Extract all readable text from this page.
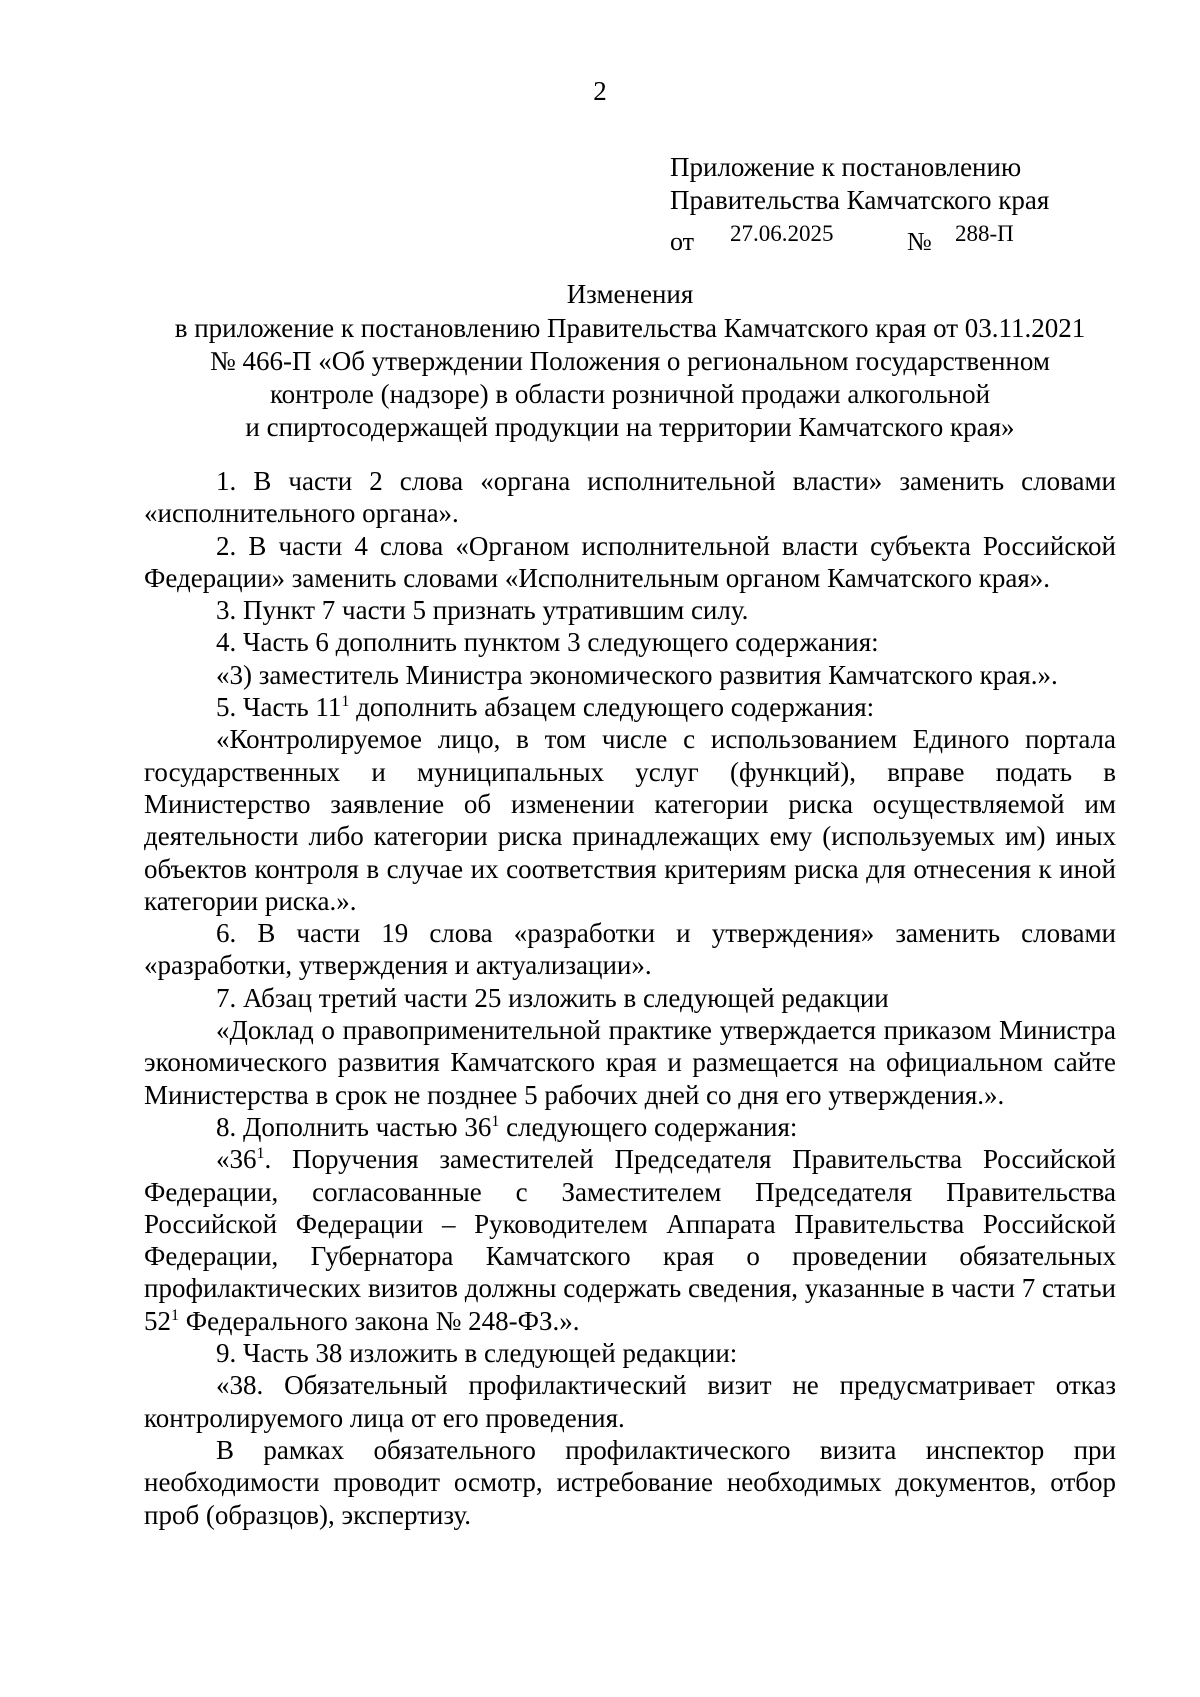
2
Приложение к постановлению
Правительства Камчатского края
от 27.06.2025	№ 288-П
Изменения
в приложение к постановлению Правительства Камчатского края от 03.11.2021
№ 466-П «Об утверждении Положения о региональном государственном
контроле (надзоре) в области розничной продажи алкогольной
и спиртосодержащей продукции на территории Камчатского края»

1. В части 2 слова «органа исполнительной власти» заменить словами «исполнительного органа».

2. В части 4 слова «Органом исполнительной власти субъекта Российской Федерации» заменить словами «Исполнительным органом Камчатского края».

3. Пункт 7 части 5 признать утратившим силу.

4. Часть 6 дополнить пунктом 3 следующего содержания:

«3) заместитель Министра экономического развития Камчатского края.».

5. Часть $11^1$ дополнить абзацем следующего содержания:

«Контролируемое лицо, в том числе с использованием Единого портала государственных и муниципальных услуг (функций), вправе подать в Министерство заявление об изменении категории риска осуществляемой им деятельности либо категории риска принадлежащих ему (используемых им) иных объектов контроля в случае их соответствия критериям риска для отнесения к иной категории риска.».

6. В части 19 слова «разработки и утверждения» заменить словами «разработки, утверждения и актуализации».

7. Абзац третий части 25 изложить в следующей редакции

«Доклад о правоприменительной практике утверждается приказом Министра экономического развития Камчатского края и размещается на официальном сайте Министерства в срок не позднее 5 рабочих дней со дня его утверждения.».

8. Дополнить частью $36^1$ следующего содержания:

«$36^1$. Поручения заместителей Председателя Правительства Российской Федерации, согласованные с Заместителем Председателя Правительства Российской Федерации – Руководителем Аппарата Правительства Российской Федерации, Губернатора Камчатского края о проведении обязательных профилактических визитов должны содержать сведения, указанные в части 7 статьи $52^1$ Федерального закона № 248-ФЗ.».

9. Часть 38 изложить в следующей редакции:

«38. Обязательный профилактический визит не предусматривает отказ контролируемого лица от его проведения.

В рамках обязательного профилактического визита инспектор при необходимости проводит осмотр, истребование необходимых документов, отбор проб (образцов), экспертизу.
